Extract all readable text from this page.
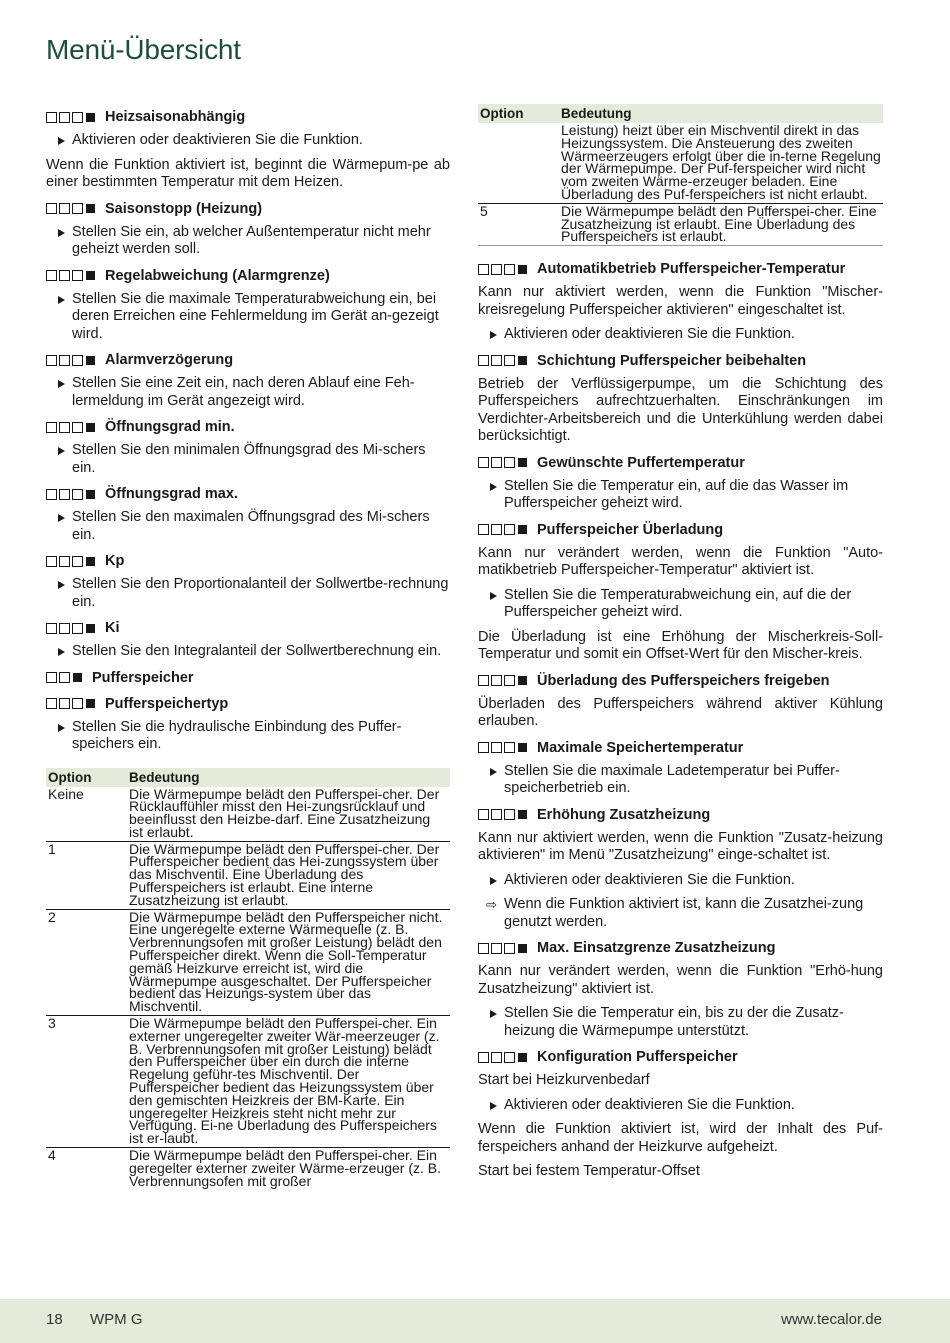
Menü-Übersicht
Heizsaisonabhängig
Aktivieren oder deaktivieren Sie die Funktion.
Wenn die Funktion aktiviert ist, beginnt die Wärmepum-pe ab einer bestimmten Temperatur mit dem Heizen.
Saisonstopp (Heizung)
Stellen Sie ein, ab welcher Außentemperatur nicht mehr geheizt werden soll.
Regelabweichung (Alarmgrenze)
Stellen Sie die maximale Temperaturabweichung ein, bei deren Erreichen eine Fehlermeldung im Gerät an-gezeigt wird.
Alarmverzögerung
Stellen Sie eine Zeit ein, nach deren Ablauf eine Feh-lermeldung im Gerät angezeigt wird.
Öffnungsgrad min.
Stellen Sie den minimalen Öffnungsgrad des Mi-schers ein.
Öffnungsgrad max.
Stellen Sie den maximalen Öffnungsgrad des Mi-schers ein.
Kp
Stellen Sie den Proportionalanteil der Sollwertbe-rechnung ein.
Ki
Stellen Sie den Integralanteil der Sollwertberechnung ein.
Pufferspeicher
Pufferspeichertyp
Stellen Sie die hydraulische Einbindung des Puffer-speichers ein.
Option	Bedeutung
Keine	Die Wärmepumpe belädt den Pufferspei-cher. Der Rücklauffühler misst den Hei-zungsrücklauf und beeinflusst den Heizbe-darf. Eine Zusatzheizung ist erlaubt.
1	Die Wärmepumpe belädt den Pufferspei-cher. Der Pufferspeicher bedient das Hei-zungssystem über das Mischventil. Eine Überladung des Pufferspeichers ist erlaubt. Eine interne Zusatzheizung ist erlaubt.
2	Die Wärmepumpe belädt den Pufferspeicher nicht. Eine ungeregelte externe Wärmequelle (z. B. Verbrennungsofen mit großer Leistung) belädt den Pufferspeicher direkt. Wenn die Soll-Temperatur gemäß Heizkurve erreicht ist, wird die Wärmepumpe ausgeschaltet. Der Pufferspeicher bedient das Heizungs-system über das Mischventil.
3	Die Wärmepumpe belädt den Pufferspei-cher. Ein externer ungeregelter zweiter Wär-meerzeuger (z. B. Verbrennungsofen mit großer Leistung) belädt den Pufferspeicher über ein durch die interne Regelung geführ-tes Mischventil. Der Pufferspeicher bedient das Heizungssystem über den gemischten Heizkreis der BM-Karte. Ein ungeregelter Heizkreis steht nicht mehr zur Verfügung. Ei-ne Überladung des Pufferspeichers ist er-laubt.
4	Die Wärmepumpe belädt den Pufferspei-cher. Ein geregelter externer zweiter Wärme-erzeuger (z. B. Verbrennungsofen mit großer
Option	Bedeutung
	Leistung) heizt über ein Mischventil direkt in das Heizungssystem. Die Ansteuerung des zweiten Wärmeerzeugers erfolgt über die in-terne Regelung der Wärmepumpe. Der Puf-ferspeicher wird nicht vom zweiten Wärme-erzeuger beladen. Eine Überladung des Puf-ferspeichers ist nicht erlaubt.
5	Die Wärmepumpe belädt den Pufferspei-cher. Eine Zusatzheizung ist erlaubt. Eine Überladung des Pufferspeichers ist erlaubt.
Automatikbetrieb Pufferspeicher-Temperatur
Kann nur aktiviert werden, wenn die Funktion "Mischer-kreisregelung Pufferspeicher aktivieren" eingeschaltet ist.
Aktivieren oder deaktivieren Sie die Funktion.
Schichtung Pufferspeicher beibehalten
Betrieb der Verflüssigerpumpe, um die Schichtung des Pufferspeichers aufrechtzuerhalten. Einschränkungen im Verdichter-Arbeitsbereich und die Unterkühlung werden dabei berücksichtigt.
Gewünschte Puffertemperatur
Stellen Sie die Temperatur ein, auf die das Wasser im Pufferspeicher geheizt wird.
Pufferspeicher Überladung
Kann nur verändert werden, wenn die Funktion "Auto-matikbetrieb Pufferspeicher-Temperatur" aktiviert ist.
Stellen Sie die Temperaturabweichung ein, auf die der Pufferspeicher geheizt wird.
Die Überladung ist eine Erhöhung der Mischerkreis-Soll-Temperatur und somit ein Offset-Wert für den Mischer-kreis.
Überladung des Pufferspeichers freigeben
Überladen des Pufferspeichers während aktiver Kühlung erlauben.
Maximale Speichertemperatur
Stellen Sie die maximale Ladetemperatur bei Puffer-speicherbetrieb ein.
Erhöhung Zusatzheizung
Kann nur aktiviert werden, wenn die Funktion "Zusatz-heizung aktivieren" im Menü "Zusatzheizung" einge-schaltet ist.
Aktivieren oder deaktivieren Sie die Funktion.
⇨ Wenn die Funktion aktiviert ist, kann die Zusatzhei-zung genutzt werden.
Max. Einsatzgrenze Zusatzheizung
Kann nur verändert werden, wenn die Funktion "Erhö-hung Zusatzheizung" aktiviert ist.
Stellen Sie die Temperatur ein, bis zu der die Zusatz-heizung die Wärmepumpe unterstützt.
Konfiguration Pufferspeicher
Start bei Heizkurvenbedarf
Aktivieren oder deaktivieren Sie die Funktion.
Wenn die Funktion aktiviert ist, wird der Inhalt des Puf-ferspeichers anhand der Heizkurve aufgeheizt.
Start bei festem Temperatur-Offset
18 WPM G	www.tecalor.de
